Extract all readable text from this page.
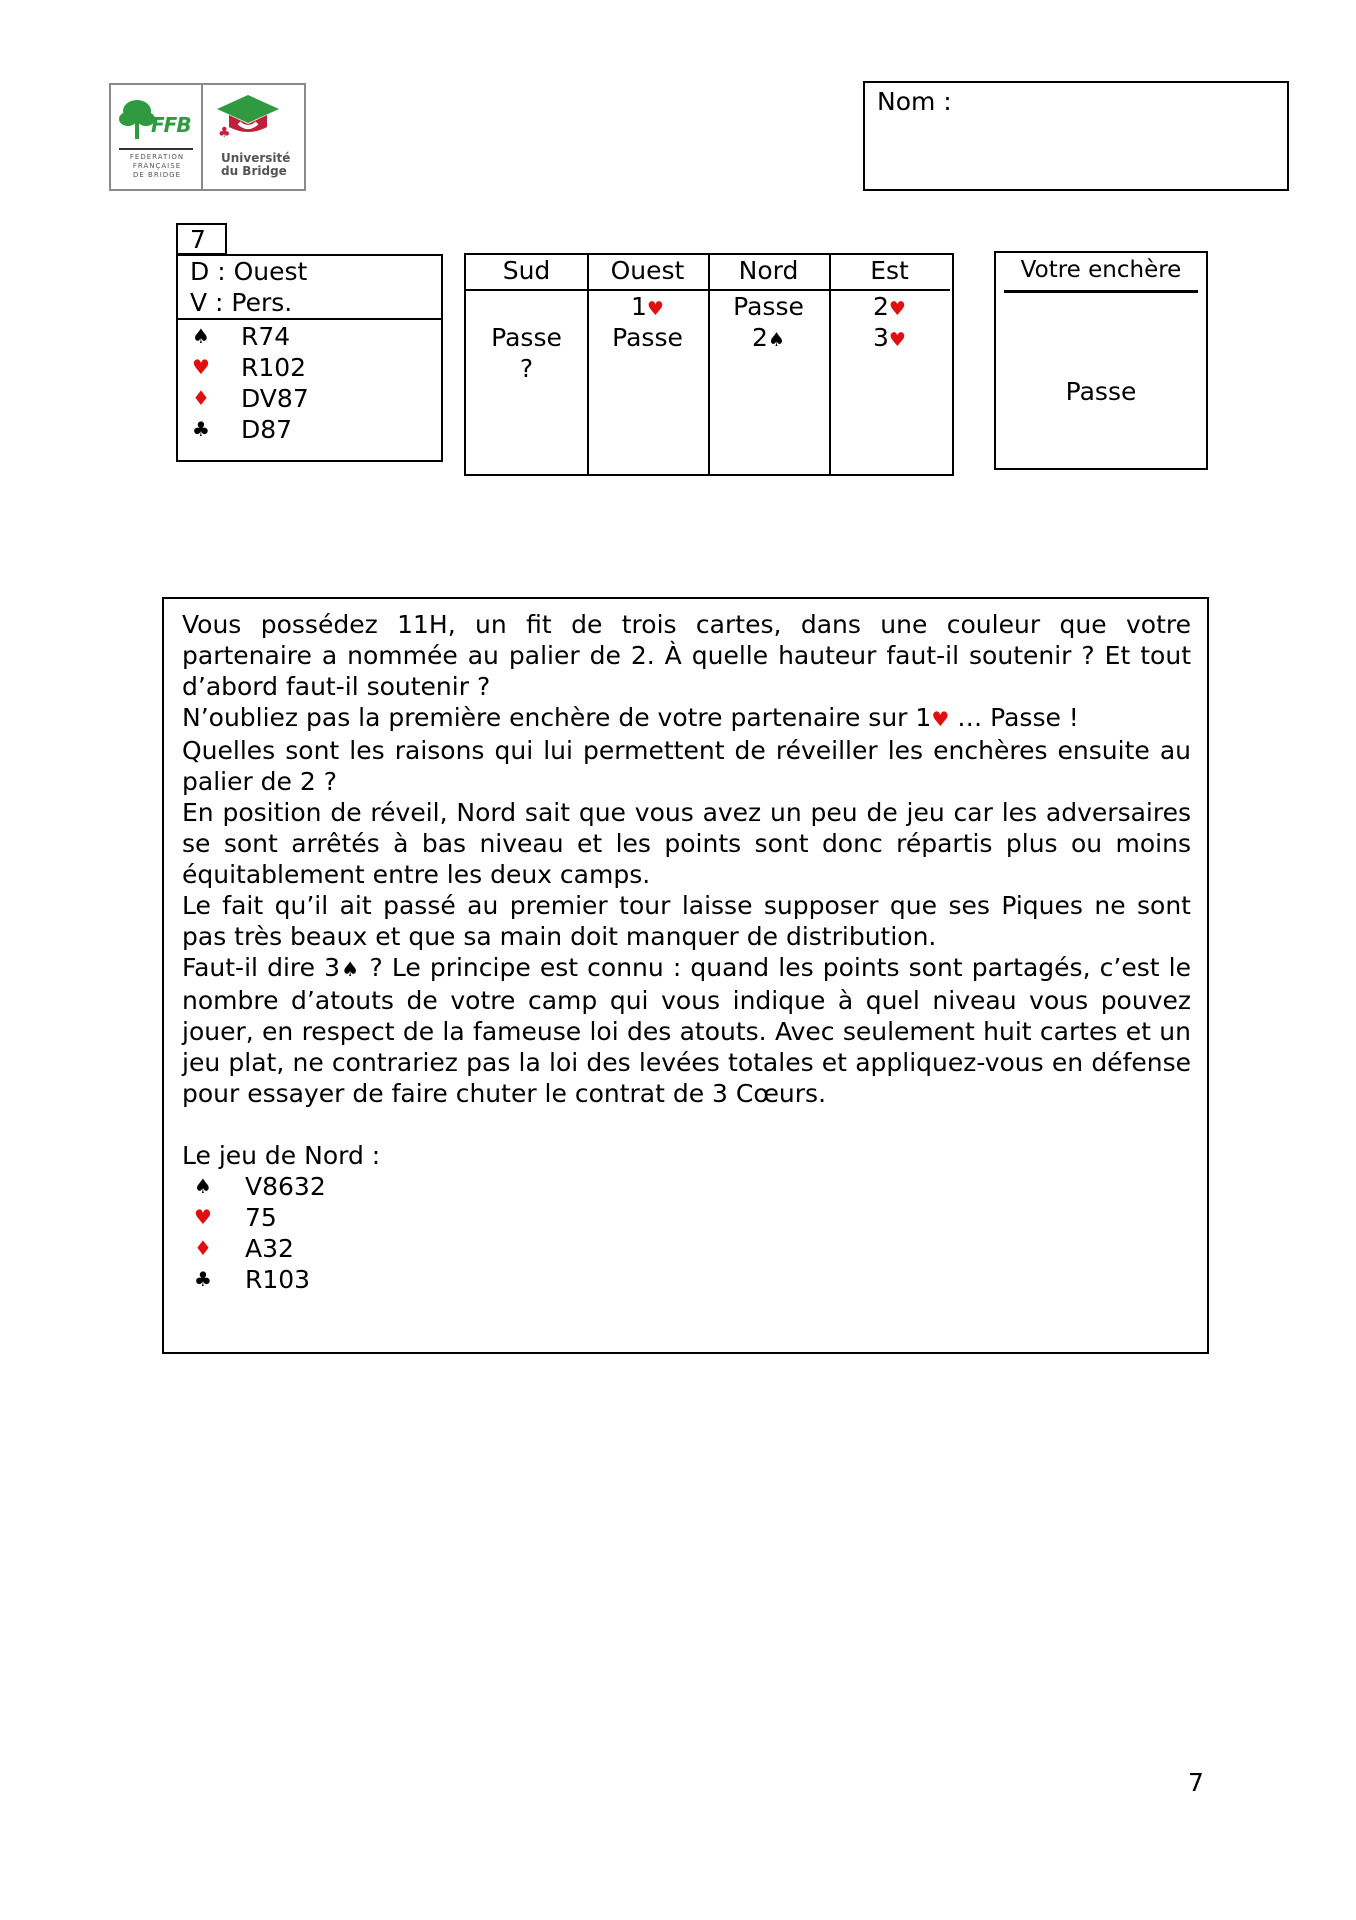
FFB
FEDERATION
FRANÇAISE
DE BRIDGE
♣
Université
du Bridge
Nom :
7
D : Ouest
V : Pers.
♠ R74
♥ R102
♦ DV87
♣ D87
Sud
Passe
?
Ouest
1♥
Passe
Nord
Passe
2♠
Est
2♥
3♥
Votre enchère
Passe

Vous possédez 11H, un fit de trois cartes, dans une couleur que votre partenaire a nommée au palier de 2. À quelle hauteur faut-il soutenir ? Et tout d’abord faut-il soutenir ?

N’oubliez pas la première enchère de votre partenaire sur 1♥ … Passe !

Quelles sont les raisons qui lui permettent de réveiller les enchères ensuite au palier de 2 ?

En position de réveil, Nord sait que vous avez un peu de jeu car les adversaires se sont arrêtés à bas niveau et les points sont donc répartis plus ou moins équitablement entre les deux camps.

Le fait qu’il ait passé au premier tour laisse supposer que ses Piques ne sont pas très beaux et que sa main doit manquer de distribution.

Faut-il dire 3♠ ? Le principe est connu : quand les points sont partagés, c’est le nombre d’atouts de votre camp qui vous indique à quel niveau vous pouvez jouer, en respect de la fameuse loi des atouts. Avec seulement huit cartes et un jeu plat, ne contrariez pas la loi des levées totales et appliquez-vous en défense pour essayer de faire chuter le contrat de 3 Cœurs.

Le jeu de Nord :

♠ V8632
♥ 75
♦ A32
♣ R103
7
